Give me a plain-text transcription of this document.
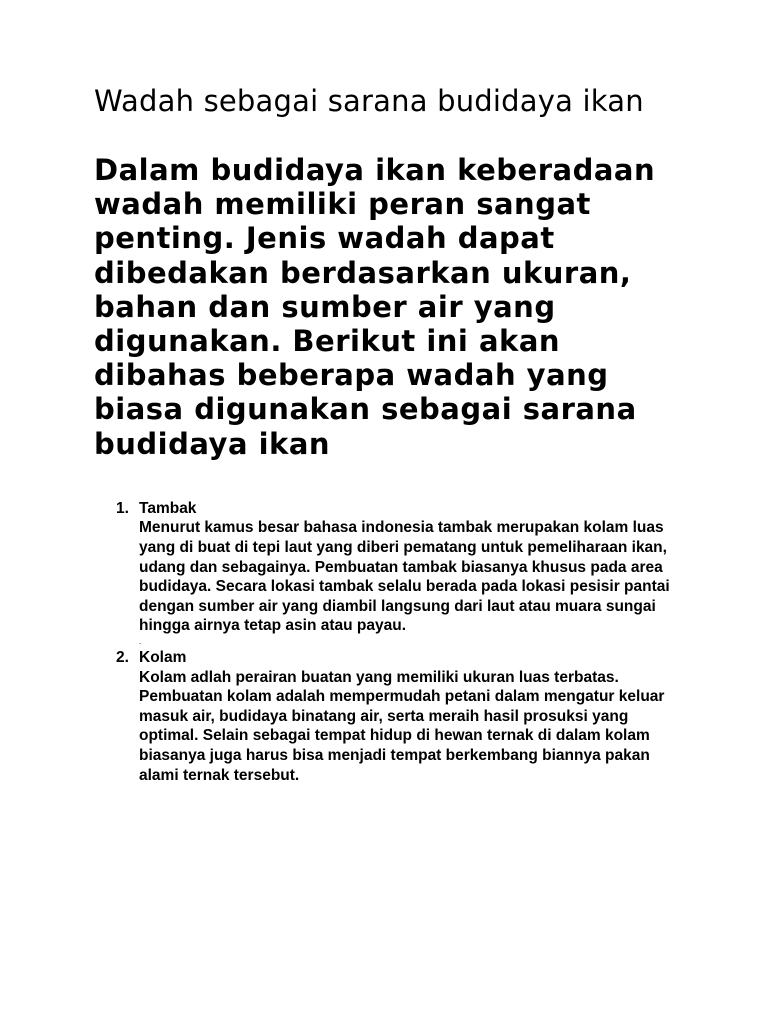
Wadah sebagai sarana budidaya ikan

Dalam budidaya ikan keberadaan wadah memiliki peran sangat penting. Jenis wadah dapat dibedakan berdasarkan ukuran, bahan dan sumber air yang digunakan. Berikut ini akan dibahas beberapa wadah yang biasa digunakan sebagai sarana budidaya ikan

1. Tambak
Menurut kamus besar bahasa indonesia tambak merupakan kolam luas yang di buat di tepi laut yang diberi pematang untuk pemeliharaan ikan, udang dan sebagainya. Pembuatan tambak biasanya khusus pada area budidaya. Secara lokasi tambak selalu berada pada lokasi pesisir pantai dengan sumber air yang diambil langsung dari laut atau muara sungai hingga airnya tetap asin atau payau.
.
2. Kolam
Kolam adlah perairan buatan yang memiliki ukuran luas terbatas. Pembuatan kolam adalah mempermudah petani dalam mengatur keluar masuk air, budidaya binatang air, serta meraih hasil prosuksi yang optimal. Selain sebagai tempat hidup di hewan ternak di dalam kolam biasanya juga harus bisa menjadi tempat berkembang biannya pakan alami ternak tersebut.
